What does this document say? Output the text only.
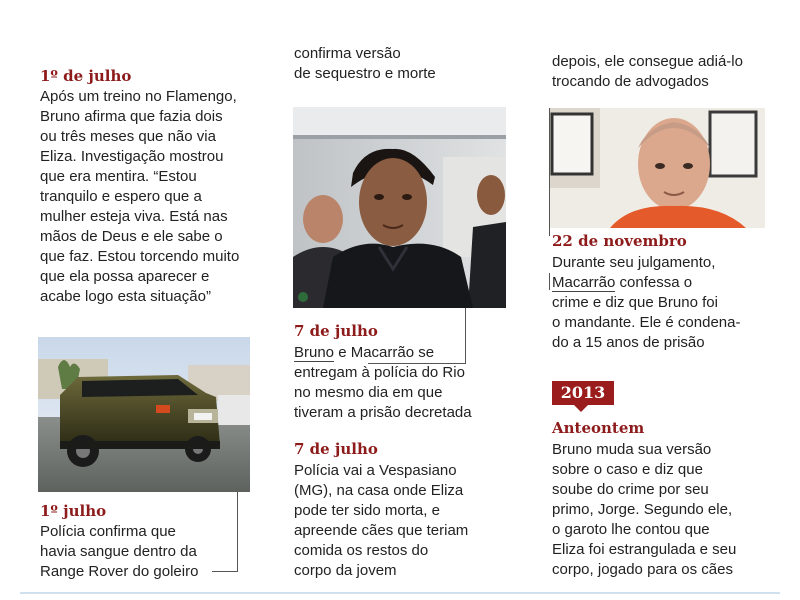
1º de julho
Após um treino no Flamengo,
Bruno afirma que fazia dois
ou três meses que não via
Eliza. Investigação mostrou
que era mentira. “Estou
tranquilo e espero que a
mulher esteja viva. Está nas
mãos de Deus e ele sabe o
que faz. Estou torcendo muito
que ela possa aparecer e
acabe logo esta situação”
1º julho
Polícia confirma que
havia sangue dentro da
Range Rover do goleiro
confirma versão
de sequestro e morte
7 de julho
Bruno e Macarrão se
entregam à polícia do Rio
no mesmo dia em que
tiveram a prisão decretada
7 de julho
Polícia vai a Vespasiano
(MG), na casa onde Eliza
pode ter sido morta, e
apreende cães que teriam
comida os restos do
corpo da jovem
depois, ele consegue adiá-lo
trocando de advogados
22 de novembro
Durante seu julgamento,
Macarrão confessa o
crime e diz que Bruno foi
o mandante. Ele é condena-
do a 15 anos de prisão
2013
Anteontem
Bruno muda sua versão
sobre o caso e diz que
soube do crime por seu
primo, Jorge. Segundo ele,
o garoto lhe contou que
Eliza foi estrangulada e seu
corpo, jogado para os cães
